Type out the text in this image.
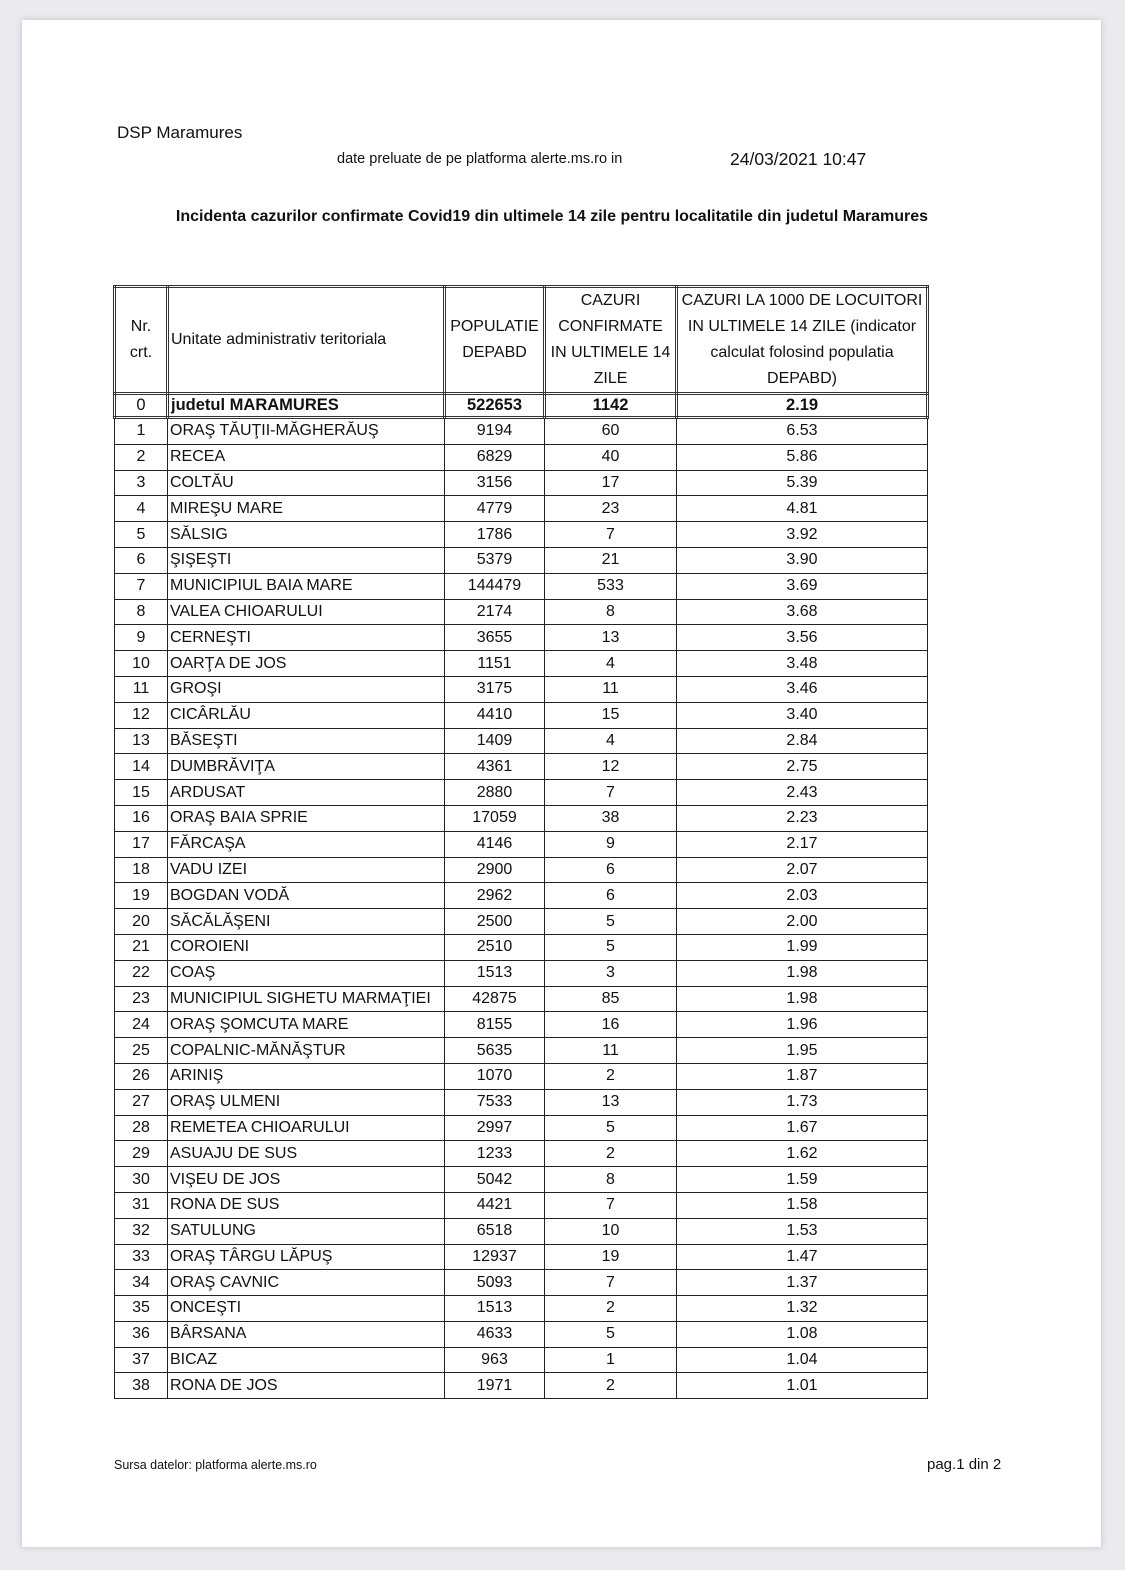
DSP Maramures
date preluate de pe platforma alerte.ms.ro in	24/03/2021 10:47
Incidenta cazurilor confirmate Covid19 din ultimele 14 zile pentru localitatile din judetul Maramures
Nr. crt.	Unitate administrativ teritoriala	POPULATIE DEPABD	CAZURI CONFIRMATE IN ULTIMELE 14 ZILE	CAZURI LA 1000 DE LOCUITORI IN ULTIMELE 14 ZILE (indicator calculat folosind populatia DEPABD)
0	judetul MARAMURES	522653	1142	2.19
1	ORAŞ TĂUŢII-MĂGHERĂUŞ	9194	60	6.53
2	RECEA	6829	40	5.86
3	COLTĂU	3156	17	5.39
4	MIREŞU MARE	4779	23	4.81
5	SĂLSIG	1786	7	3.92
6	ŞIŞEŞTI	5379	21	3.90
7	MUNICIPIUL BAIA MARE	144479	533	3.69
8	VALEA CHIOARULUI	2174	8	3.68
9	CERNEŞTI	3655	13	3.56
10	OARŢA DE JOS	1151	4	3.48
11	GROŞI	3175	11	3.46
12	CICÂRLĂU	4410	15	3.40
13	BĂSEŞTI	1409	4	2.84
14	DUMBRĂVIŢA	4361	12	2.75
15	ARDUSAT	2880	7	2.43
16	ORAŞ BAIA SPRIE	17059	38	2.23
17	FĂRCAŞA	4146	9	2.17
18	VADU IZEI	2900	6	2.07
19	BOGDAN VODĂ	2962	6	2.03
20	SĂCĂLĂŞENI	2500	5	2.00
21	COROIENI	2510	5	1.99
22	COAŞ	1513	3	1.98
23	MUNICIPIUL SIGHETU MARMAŢIEI	42875	85	1.98
24	ORAŞ ŞOMCUTA MARE	8155	16	1.96
25	COPALNIC-MĂNĂŞTUR	5635	11	1.95
26	ARINIŞ	1070	2	1.87
27	ORAŞ ULMENI	7533	13	1.73
28	REMETEA CHIOARULUI	2997	5	1.67
29	ASUAJU DE SUS	1233	2	1.62
30	VIŞEU DE JOS	5042	8	1.59
31	RONA DE SUS	4421	7	1.58
32	SATULUNG	6518	10	1.53
33	ORAŞ TÂRGU LĂPUŞ	12937	19	1.47
34	ORAŞ CAVNIC	5093	7	1.37
35	ONCEŞTI	1513	2	1.32
36	BÂRSANA	4633	5	1.08
37	BICAZ	963	1	1.04
38	RONA DE JOS	1971	2	1.01
Sursa datelor: platforma alerte.ms.ro	pag.1 din 2
